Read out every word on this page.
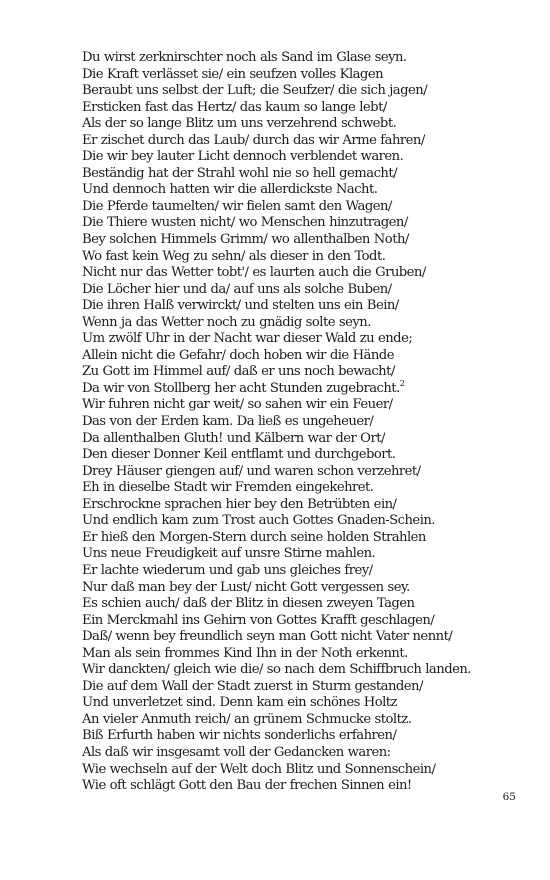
Du wirst zerknirschter noch als Sand im Glase seyn.
Die Kraft verlässet sie/ ein seufzen volles Klagen
Beraubt uns selbst der Luft; die Seufzer/ die sich jagen/
Ersticken fast das Hertz/ das kaum so lange lebt/
Als der so lange Blitz um uns verzehrend schwebt.
Er zischet durch das Laub/ durch das wir Arme fahren/
Die wir bey lauter Licht dennoch verblendet waren.
Beständig hat der Strahl wohl nie so hell gemacht/
Und dennoch hatten wir die allerdickste Nacht.
Die Pferde taumelten/ wir fielen samt den Wagen/
Die Thiere wusten nicht/ wo Menschen hinzutragen/
Bey solchen Himmels Grimm/ wo allenthalben Noth/
Wo fast kein Weg zu sehn/ als dieser in den Todt.
Nicht nur das Wetter tobt'/ es laurten auch die Gruben/
Die Löcher hier und da/ auf uns als solche Buben/
Die ihren Halß verwirckt/ und stelten uns ein Bein/
Wenn ja das Wetter noch zu gnädig solte seyn.
Um zwölf Uhr in der Nacht war dieser Wald zu ende;
Allein nicht die Gefahr/ doch hoben wir die Hände
Zu Gott im Himmel auf/ daß er uns noch bewacht/
Da wir von Stollberg her acht Stunden zugebracht.$^2$
Wir fuhren nicht gar weit/ so sahen wir ein Feuer/
Das von der Erden kam. Da ließ es ungeheuer/
Da allenthalben Gluth! und Kälbern war der Ort/
Den dieser Donner Keil entflamt und durchgebort.
Drey Häuser giengen auf/ und waren schon verzehret/
Eh in dieselbe Stadt wir Fremden eingekehret.
Erschrockne sprachen hier bey den Betrübten ein/
Und endlich kam zum Trost auch Gottes Gnaden-Schein.
Er hieß den Morgen-Stern durch seine holden Strahlen
Uns neue Freudigkeit auf unsre Stirne mahlen.
Er lachte wiederum und gab uns gleiches frey/
Nur daß man bey der Lust/ nicht Gott vergessen sey.
Es schien auch/ daß der Blitz in diesen zweyen Tagen
Ein Merckmahl ins Gehirn von Gottes Krafft geschlagen/
Daß/ wenn bey freundlich seyn man Gott nicht Vater nennt/
Man als sein frommes Kind Ihn in der Noth erkennt.
Wir danckten/ gleich wie die/ so nach dem Schiffbruch landen.
Die auf dem Wall der Stadt zuerst in Sturm gestanden/
Und unverletzet sind. Denn kam ein schönes Holtz
An vieler Anmuth reich/ an grünem Schmucke stoltz.
Biß Erfurth haben wir nichts sonderlichs erfahren/
Als daß wir insgesamt voll der Gedancken waren:
Wie wechseln auf der Welt doch Blitz und Sonnenschein/
Wie oft schlägt Gott den Bau der frechen Sinnen ein!
65
